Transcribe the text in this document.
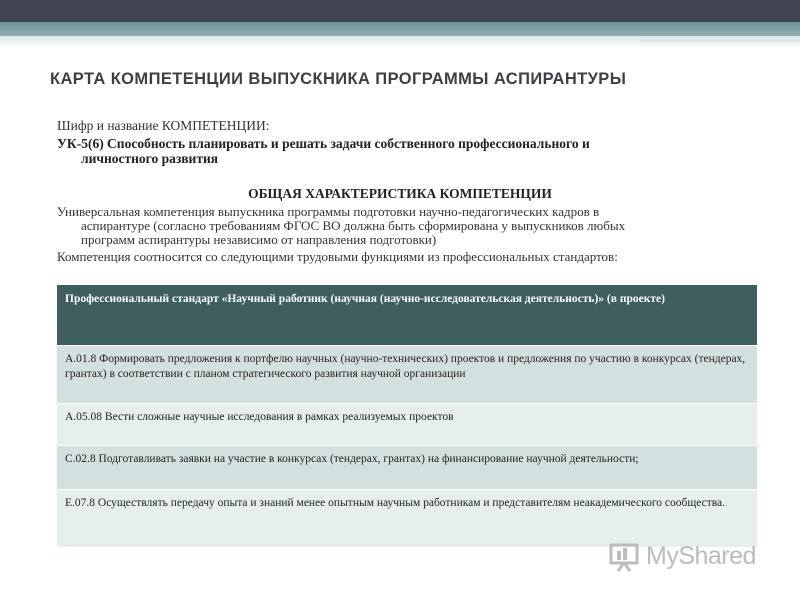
КАРТА КОМПЕТЕНЦИИ ВЫПУСКНИКА ПРОГРАММЫ АСПИРАНТУРЫ
Шифр и название КОМПЕТЕНЦИИ:
УК-5(6) Способность планировать и решать задачи собственного профессионального и
личностного развития
ОБЩАЯ ХАРАКТЕРИСТИКА КОМПЕТЕНЦИИ
Универсальная компетенция выпускника программы подготовки научно-педагогических кадров в
аспирантуре (согласно требованиям ФГОС ВО должна быть сформирована у выпускников любых
программ аспирантуры независимо от направления подготовки)
Компетенция соотносится со следующими трудовыми функциями из профессиональных стандартов:
Профессиональный стандарт «Научный работник (научная (научно-исследовательская деятельность)» (в проекте)
А.01.8 Формировать предложения к портфелю научных (научно-технических) проектов и предложения по участию в конкурсах (тендерах, грантах) в соответствии с планом стратегического развития научной организации
А.05.08 Вести сложные научные исследования в рамках реализуемых проектов
С.02.8 Подготавливать заявки на участие в конкурсах (тендерах, грантах) на финансирование научной деятельности;
Е.07.8 Осуществлять передачу опыта и знаний менее опытным научным работникам и представителям неакадемического сообщества.
MyShared
